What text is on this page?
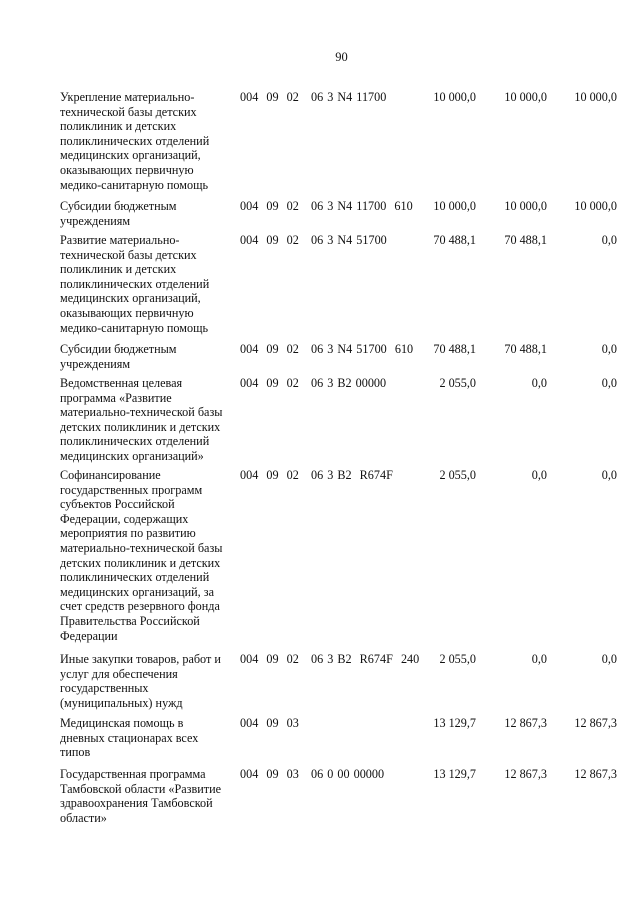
90
Укрепление материально-
технической базы детских
поликлиник и детских
поликлинических отделений
медицинских организаций,
оказывающих первичную
медико-санитарную помощь
004  09  02   06 3 N4 11700	10 000,0 10 000,0 10 000,0
Субсидии бюджетным
учреждениям
004  09  02   06 3 N4 11700  610 10 000,0 10 000,0 10 000,0
Развитие материально-
технической базы детских
поликлиник и детских
поликлинических отделений
медицинских организаций,
оказывающих первичную
медико-санитарную помощь
004  09  02   06 3 N4 51700	70 488,1 70 488,1	0,0
Субсидии бюджетным
учреждениям
004  09  02   06 3 N4 51700  610 70 488,1 70 488,1	0,0
Ведомственная целевая
программа «Развитие
материально-технической базы
детских поликлиник и детских
поликлинических отделений
медицинских организаций»
004  09  02   06 3 B2 00000	2 055,0	0,0	0,0
Софинансирование
государственных программ
субъектов Российской
Федерации, содержащих
мероприятия по развитию
материально-технической базы
детских поликлиник и детских
поликлинических отделений
медицинских организаций, за
счет средств резервного фонда
Правительства Российской
Федерации
004  09  02   06 3 B2  R674F	2 055,0	0,0	0,0
Иные закупки товаров, работ и
услуг для обеспечения
государственных
(муниципальных) нужд
004  09  02   06 3 B2  R674F  240 2 055,0	0,0	0,0
Медицинская помощь в
дневных стационарах всех
типов
004  09  03	13 129,7 12 867,3 12 867,3
Государственная программа
Тамбовской области «Развитие
здравоохранения Тамбовской
области»
004  09  03   06 0 00 00000	13 129,7 12 867,3 12 867,3
